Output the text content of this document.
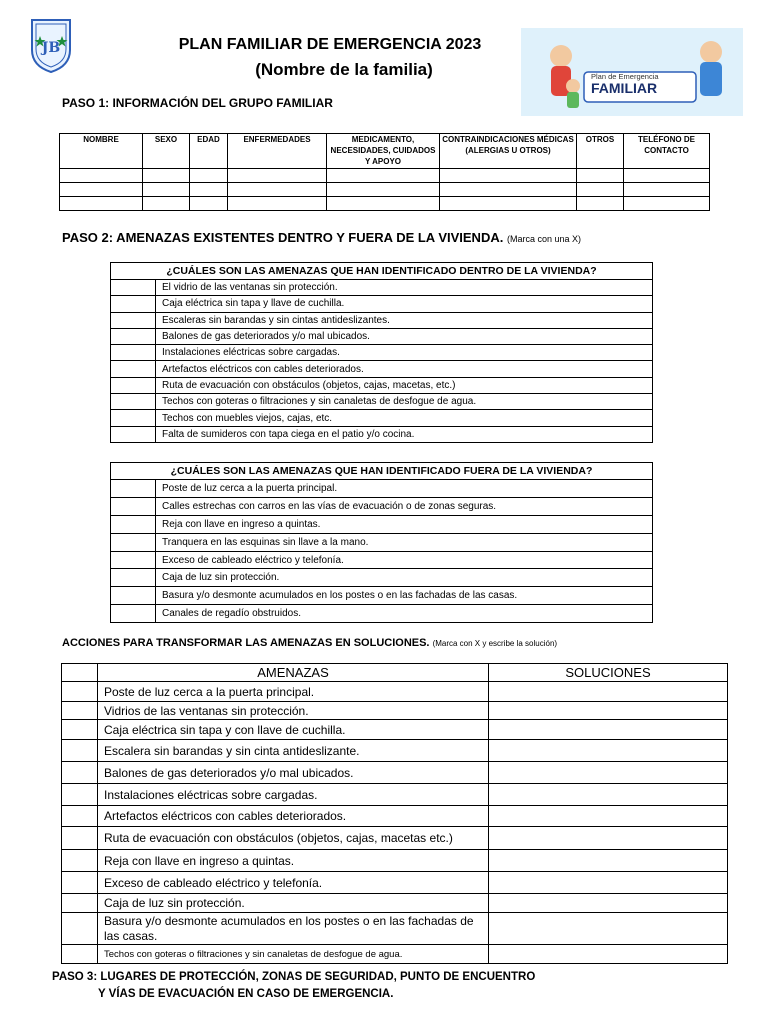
JB	PLAN FAMILIAR DE EMERGENCIA 2023
(Nombre de la familia)	Plan de Emergencia
FAMILIAR
PASO 1: INFORMACIÓN DEL GRUPO FAMILIAR
NOMBRE	SEXO	EDAD	ENFERMEDADES	MEDICAMENTO, NECESIDADES, CUIDADOS Y APOYO	CONTRAINDICACIONES MÉDICAS (ALERGIAS U OTROS)	OTROS	TELÉFONO DE CONTACTO

PASO 2: AMENAZAS EXISTENTES DENTRO Y FUERA DE LA VIVIENDA. (Marca con una X)
¿CUÁLES SON LAS AMENAZAS QUE HAN IDENTIFICADO DENTRO DE LA VIVIENDA?	
	El vidrio de las ventanas sin protección.
	Caja eléctrica sin tapa y llave de cuchilla.
	Escaleras sin barandas y sin cintas antideslizantes.
	Balones de gas deteriorados y/o mal ubicados.
	Instalaciones eléctricas sobre cargadas.
	Artefactos eléctricos con cables deteriorados.
	Ruta de evacuación con obstáculos (objetos, cajas, macetas, etc.)
	Techos con goteras o filtraciones y sin canaletas de desfogue de agua.
	Techos con muebles viejos, cajas, etc.
	Falta de sumideros con tapa ciega en el patio y/o cocina.
¿CUÁLES SON LAS AMENAZAS QUE HAN IDENTIFICADO FUERA DE LA VIVIENDA?	
	Poste de luz cerca a la puerta principal.
	Calles estrechas con carros en las vías de evacuación o de zonas seguras.
	Reja con llave en ingreso a quintas.
	Tranquera en las esquinas sin llave a la mano.
	Exceso de cableado eléctrico y telefonía.
	Caja de luz sin protección.
	Basura y/o desmonte acumulados en los postes o en las fachadas de las casas.
	Canales de regadío obstruidos.
ACCIONES PARA TRANSFORMAR LAS AMENAZAS EN SOLUCIONES. (Marca con X y escribe la solución)
	AMENAZAS	SOLUCIONES
	Poste de luz cerca a la puerta principal.	
	Vidrios de las ventanas sin protección.	
	Caja eléctrica sin tapa y con llave de cuchilla.	
	Escalera sin barandas y sin cinta antideslizante.	
	Balones de gas deteriorados y/o mal ubicados.	
	Instalaciones eléctricas sobre cargadas.	
	Artefactos eléctricos con cables deteriorados.	
	Ruta de evacuación con obstáculos (objetos, cajas, macetas etc.)	
	Reja con llave en ingreso a quintas.	
	Exceso de cableado eléctrico y telefonía.	
	Caja de luz sin protección.	
	Basura y/o desmonte acumulados en los postes o en las fachadas de las casas.	
	Techos con goteras o filtraciones y sin canaletas de desfogue de agua.	
PASO 3: LUGARES DE PROTECCIÓN, ZONAS DE SEGURIDAD, PUNTO DE ENCUENTRO
Y VÍAS DE EVACUACIÓN EN CASO DE EMERGENCIA.
